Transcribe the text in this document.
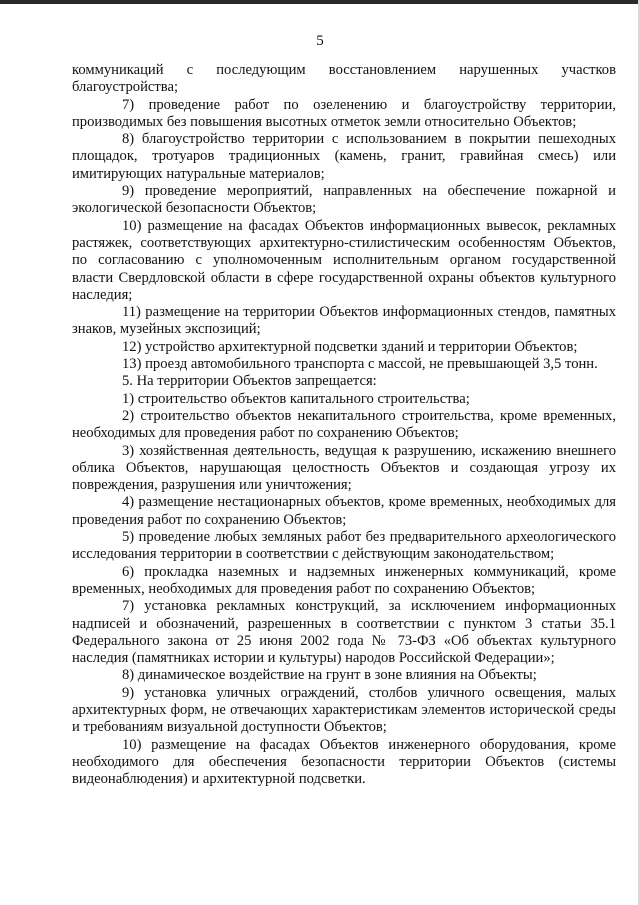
5

коммуникаций с последующим восстановлением нарушенных участков благоустройства;

7) проведение работ по озеленению и благоустройству территории, производимых без повышения высотных отметок земли относительно Объектов;

8) благоустройство территории с использованием в покрытии пешеходных площадок, тротуаров традиционных (камень, гранит, гравийная смесь) или имитирующих натуральные материалов;

9) проведение мероприятий, направленных на обеспечение пожарной и экологической безопасности Объектов;

10) размещение на фасадах Объектов информационных вывесок, рекламных растяжек, соответствующих архитектурно-стилистическим особенностям Объектов, по согласованию с уполномоченным исполнительным органом государственной власти Свердловской области в сфере государственной охраны объектов культурного наследия;

11) размещение на территории Объектов информационных стендов, памятных знаков, музейных экспозиций;

12) устройство архитектурной подсветки зданий и территории Объектов;

13) проезд автомобильного транспорта с массой, не превышающей 3,5 тонн.

5. На территории Объектов запрещается:

1) строительство объектов капитального строительства;

2) строительство объектов некапитального строительства, кроме временных, необходимых для проведения работ по сохранению Объектов;

3) хозяйственная деятельность, ведущая к разрушению, искажению внешнего облика Объектов, нарушающая целостность Объектов и создающая угрозу их повреждения, разрушения или уничтожения;

4) размещение нестационарных объектов, кроме временных, необходимых для проведения работ по сохранению Объектов;

5) проведение любых земляных работ без предварительного археологического исследования территории в соответствии с действующим законодательством;

6) прокладка наземных и надземных инженерных коммуникаций, кроме временных, необходимых для проведения работ по сохранению Объектов;

7) установка рекламных конструкций, за исключением информационных надписей и обозначений, разрешенных в соответствии с пунктом 3 статьи 35.1 Федерального закона от 25 июня 2002 года № 73-ФЗ «Об объектах культурного наследия (памятниках истории и культуры) народов Российской Федерации»;

8) динамическое воздействие на грунт в зоне влияния на Объекты;

9) установка уличных ограждений, столбов уличного освещения, малых архитектурных форм, не отвечающих характеристикам элементов исторической среды и требованиям визуальной доступности Объектов;

10) размещение на фасадах Объектов инженерного оборудования, кроме необходимого для обеспечения безопасности территории Объектов (системы видеонаблюдения) и архитектурной подсветки.
